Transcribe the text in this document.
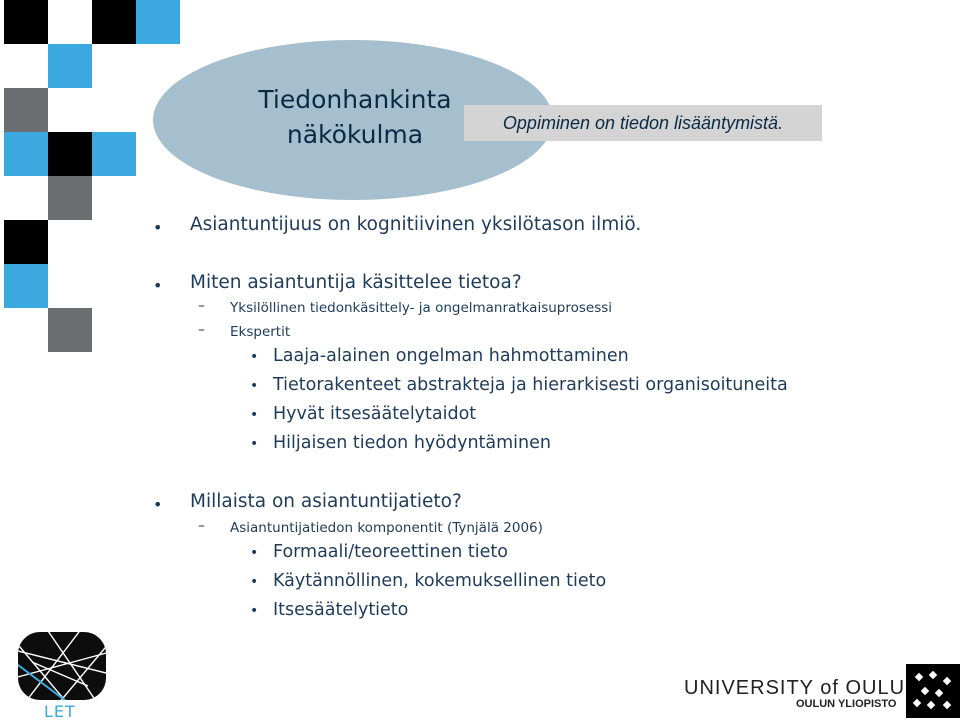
Tiedonhankinta
näkökulma	Oppiminen on tiedon lisääntymistä.
• Asiantuntijuus on kognitiivinen yksilötason ilmiö.
• Miten asiantuntija käsittelee tietoa?
– Yksilöllinen tiedonkäsittely- ja ongelmanratkaisuprosessi
– Ekspertit
• Laaja-alainen ongelman hahmottaminen
• Tietorakenteet abstrakteja ja hierarkisesti organisoituneita
• Hyvät itsesäätelytaidot
• Hiljaisen tiedon hyödyntäminen
• Millaista on asiantuntijatieto?
– Asiantuntijatiedon komponentit (Tynjälä 2006)
• Formaali/teoreettinen tieto
• Käytännöllinen, kokemuksellinen tieto
• Itsesäätelytieto
LET
UNIVERSITY of OULU
OULUN YLIOPISTO
